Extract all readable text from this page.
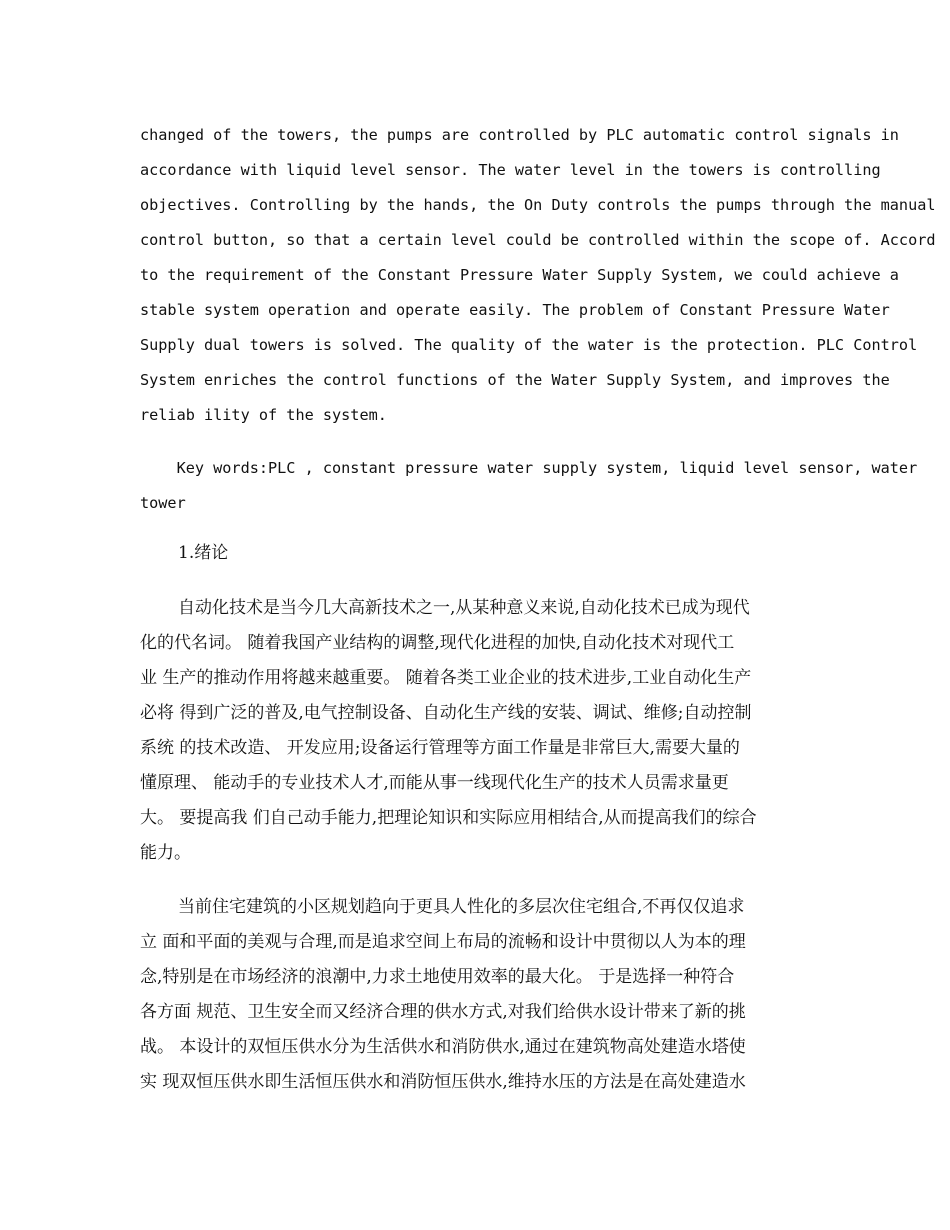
changed of the towers, the pumps are controlled by PLC automatic control signals in
accordance with liquid level sensor. The water level in the towers is controlling
objectives. Controlling by the hands, the On Duty controls the pumps through the manual
control button, so that a certain level could be controlled within the scope of. Accord
to the requirement of the Constant Pressure Water Supply System, we could achieve a
stable system operation and operate easily. The problem of Constant Pressure Water
Supply dual towers is solved. The quality of the water is the protection. PLC Control
System enriches the control functions of the Water Supply System, and improves the
reliab ility of the system.
Key words:PLC , constant pressure water supply system, liquid level sensor, water
tower
1.绪论
自动化技术是当今几大高新技术之一,从某种意义来说,自动化技术已成为现代
化的代名词。 随着我国产业结构的调整,现代化进程的加快,自动化技术对现代工
业 生产的推动作用将越来越重要。 随着各类工业企业的技术进步,工业自动化生产
必将 得到广泛的普及,电气控制设备、自动化生产线的安装、调试、维修;自动控制
系统 的技术改造、 开发应用;设备运行管理等方面工作量是非常巨大,需要大量的
懂原理、 能动手的专业技术人才,而能从事一线现代化生产的技术人员需求量更
大。 要提高我 们自己动手能力,把理论知识和实际应用相结合,从而提高我们的综合
能力。
当前住宅建筑的小区规划趋向于更具人性化的多层次住宅组合,不再仅仅追求
立 面和平面的美观与合理,而是追求空间上布局的流畅和设计中贯彻以人为本的理
念,特别是在市场经济的浪潮中,力求土地使用效率的最大化。 于是选择一种符合
各方面 规范、卫生安全而又经济合理的供水方式,对我们给供水设计带来了新的挑
战。 本设计的双恒压供水分为生活供水和消防供水,通过在建筑物高处建造水塔使
实 现双恒压供水即生活恒压供水和消防恒压供水,维持水压的方法是在高处建造水
